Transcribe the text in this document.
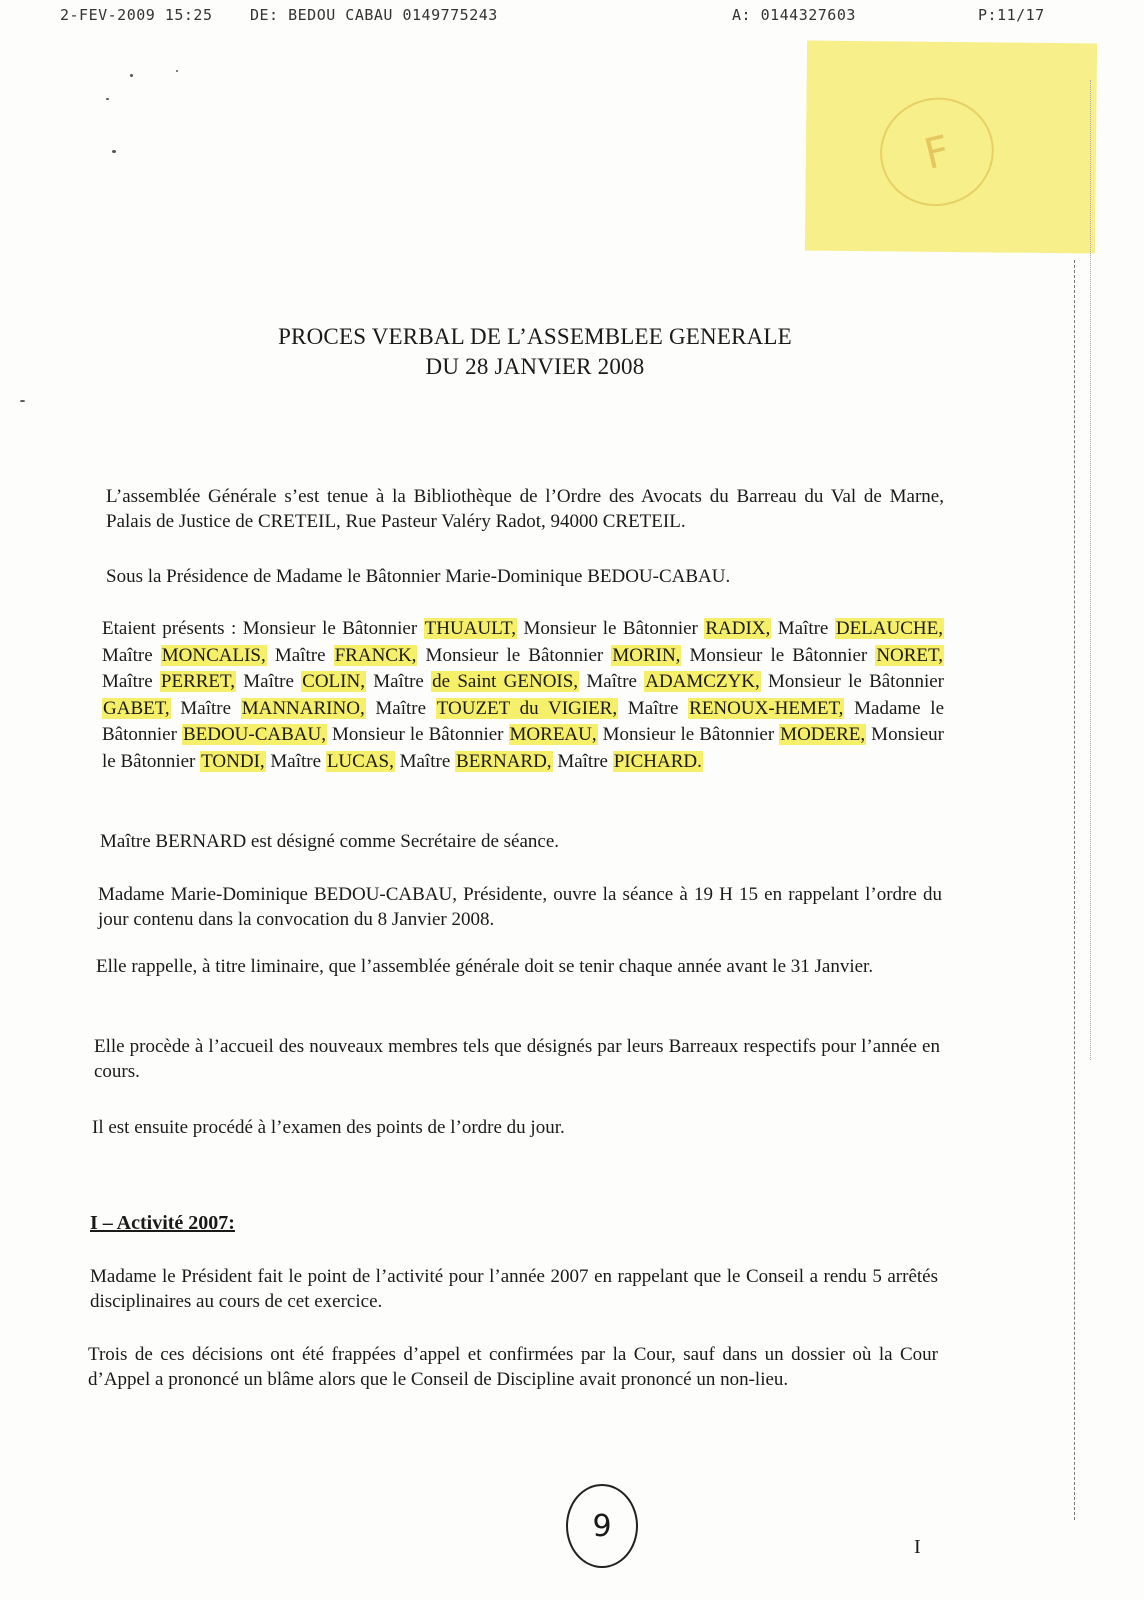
2-FEV-2009 15:25	DE: BEDOU CABAU 0149775243	A: 0144327603	P:11/17
F
PROCES VERBAL DE L’ASSEMBLEE GENERALE
DU 28 JANVIER 2008

L’assemblée Générale s’est tenue à la Bibliothèque de l’Ordre des Avocats du Barreau du Val de Marne, Palais de Justice de CRETEIL, Rue Pasteur Valéry Radot, 94000 CRETEIL.

Sous la Présidence de Madame le Bâtonnier Marie-Dominique BEDOU-CABAU.

Etaient présents : Monsieur le Bâtonnier THUAULT, Monsieur le Bâtonnier RADIX, Maître DELAUCHE, Maître MONCALIS, Maître FRANCK, Monsieur le Bâtonnier MORIN, Monsieur le Bâtonnier NORET, Maître PERRET, Maître COLIN, Maître de Saint GENOIS, Maître ADAMCZYK, Monsieur le Bâtonnier GABET, Maître MANNARINO, Maître TOUZET du VIGIER, Maître RENOUX-HEMET, Madame le Bâtonnier BEDOU-CABAU, Monsieur le Bâtonnier MOREAU, Monsieur le Bâtonnier MODERE, Monsieur le Bâtonnier TONDI, Maître LUCAS, Maître BERNARD, Maître PICHARD.

Maître BERNARD est désigné comme Secrétaire de séance.

Madame Marie-Dominique BEDOU-CABAU, Présidente, ouvre la séance à 19 H 15 en rappelant l’ordre du jour contenu dans la convocation du 8 Janvier 2008.

Elle rappelle, à titre liminaire, que l’assemblée générale doit se tenir chaque année avant le 31 Janvier.

Elle procède à l’accueil des nouveaux membres tels que désignés par leurs Barreaux respectifs pour l’année en cours.

Il est ensuite procédé à l’examen des points de l’ordre du jour.

I – Activité 2007:

Madame le Président fait le point de l’activité pour l’année 2007 en rappelant que le Conseil a rendu 5 arrêtés disciplinaires au cours de cet exercice.

Trois de ces décisions ont été frappées d’appel et confirmées par la Cour, sauf dans un dossier où la Cour d’Appel a prononcé un blâme alors que le Conseil de Discipline avait prononcé un non-lieu.

9
I
